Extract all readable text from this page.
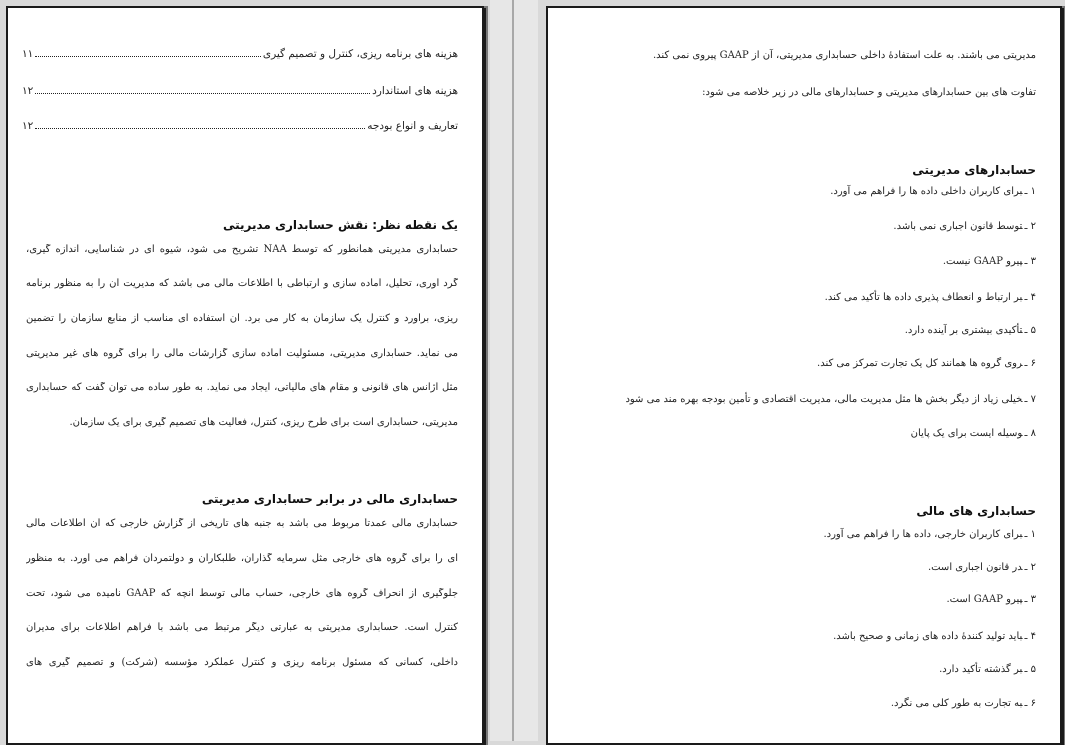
هزینه های برنامه ریزی، کنترل و تصمیم گیری
۱۱
هزینه های استاندارد
۱۲
تعاریف و انواع بودجه
۱۲
یک نقطه نظر: نقش حسابداری مدیریتی
حسابداری مدیریتی همانطور که توسط NAA تشریح می شود، شیوه ای در شناسایی، اندازه گیری،
گرد آوری، تحلیل، آماده سازی و ارتباطی با اطلاعات مالی می باشد که مدیریت آن را به منظور برنامه
ریزی، برآورد و کنترل یک سازمان به کار می برد. آن استفاده ای مناسب از منابع سازمان را تضمین
می نماید. حسابداری مدیریتی، مسئولیت آماده سازی گزارشات مالی را برای گروه های غیر مدیریتی
مثل آژانس های قانونی و مقام های مالیاتی، ایجاد می نماید. به طور ساده می توان گفت که حسابداری
مدیریتی، حسابداری است برای طرح ریزی، کنترل، فعالیت های تصمیم گیری برای یک سازمان.
حسابداری مالی در برابر حسابداری مدیریتی
حسابداری مالی عمدتاً مربوط می باشد به جنبه های تاریخی از گزارش خارجی که آن اطلاعات مالی
ای را برای گروه های خارجی مثل سرمایه گذاران، طلبکاران و دولتمردان فراهم می آورد. به منظور
جلوگیری از انحراف گروه های خارجی، حساب مالی توسط آنچه که GAAP نامیده می شود، تحت
کنترل است. حسابداری مدیریتی به عبارتی دیگر مرتبط می باشد با فراهم اطلاعات برای مدیران
داخلی، کسانی که مسئول برنامه ریزی و کنترل عملکرد مؤسسه (شرکت) و تصمیم گیری های
مدیریتی می باشند. به علت استفادهٔ داخلی حسابداری مدیریتی، آن از GAAP پیروی نمی کند.
تفاوت های بین حسابدارهای مدیریتی و حسابدارهای مالی در زیر خلاصه می شود:
حسابدارهای مدیریتی
۱ ـبرای کاربران داخلی داده ها را فراهم می آورد.
۲ ـتوسط قانون اجباری نمی باشد.
۳ ـپیرو GAAP نیست.
۴ ـبر ارتباط و انعطاف پذیری داده ها تأکید می کند.
۵ ـتأکیدی بیشتری بر آینده دارد.
۶ ـروی گروه ها همانند کل یک تجارت تمرکز می کند.
۷ ـخیلی زیاد از دیگر بخش ها مثل مدیریت مالی، مدیریت اقتصادی و تأمین بودجه بهره مند می شود
۸ ـوسیله ایست برای یک پایان
حسابداری های مالی
۱ ـبرای کاربران خارجی، داده ها را فراهم می آورد.
۲ ـدر قانون اجباری است.
۳ ـپیرو GAAP است.
۴ ـباید تولید کنندهٔ داده های زمانی و صحیح باشد.
۵ ـبر گذشته تأکید دارد.
۶ ـبه تجارت به طور کلی می نگرد.
